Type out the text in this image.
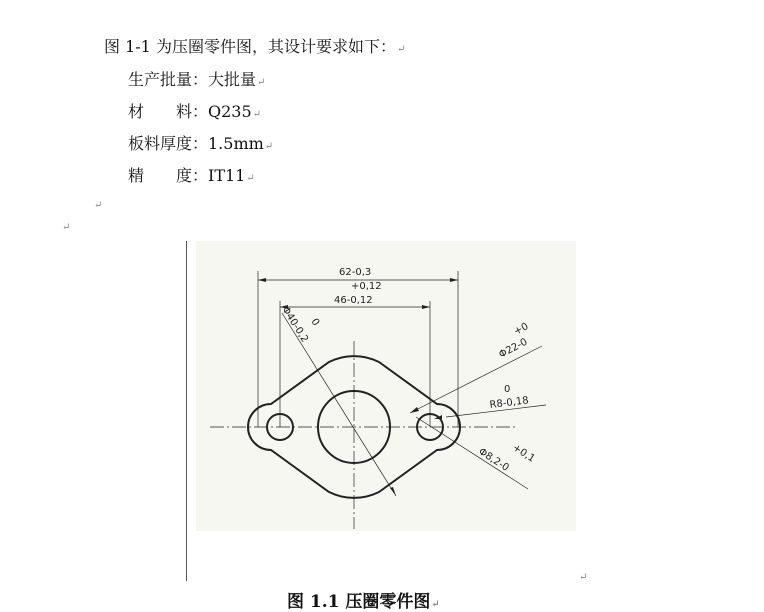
图 1-1 为压圈零件图，其设计要求如下：↵
生产批量：大批量↵
材　　料：Q235↵
板料厚度：1.5mm↵
精　　度：IT11↵
↵
↵
62-0,3
+0,12
46-0,12
0
Φ40-0,2	+0
Φ22-0
0
R8-0,18
Φ8,2-0 +0,1
↵
图 1.1 压圈零件图↵
